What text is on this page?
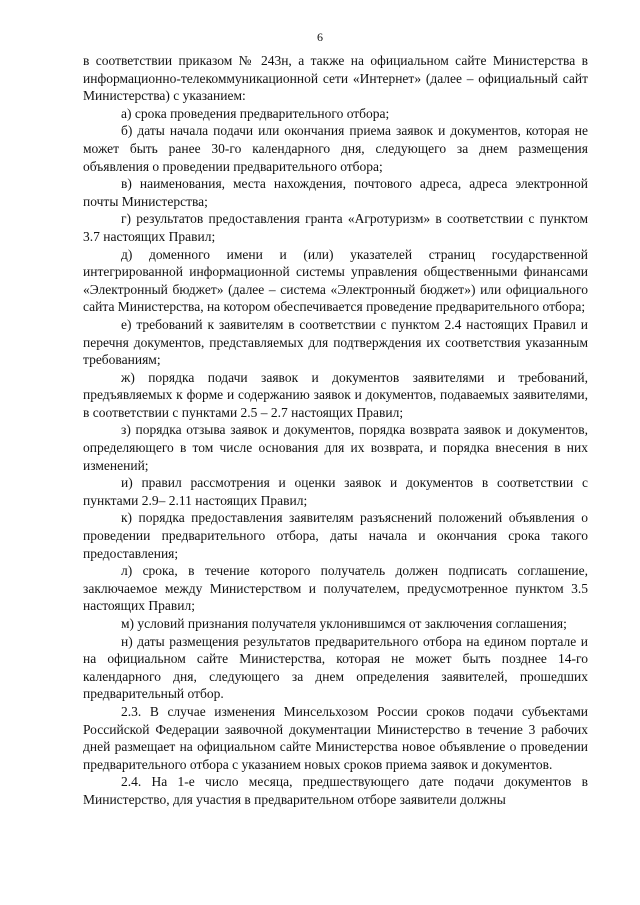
6

в соответствии приказом № 243н, а также на официальном сайте Министерства в информационно-телекоммуникационной сети «Интернет» (далее – официальный сайт Министерства) с указанием:

а) срока проведения предварительного отбора;

б) даты начала подачи или окончания приема заявок и документов, которая не может быть ранее 30-го календарного дня, следующего за днем размещения объявления о проведении предварительного отбора;

в) наименования, места нахождения, почтового адреса, адреса электронной почты Министерства;

г) результатов предоставления гранта «Агротуризм» в соответствии с пунктом 3.7 настоящих Правил;

д) доменного имени и (или) указателей страниц государственной интегрированной информационной системы управления общественными финансами «Электронный бюджет» (далее – система «Электронный бюджет») или официального сайта Министерства, на котором обеспечивается проведение предварительного отбора;

е) требований к заявителям в соответствии с пунктом 2.4 настоящих Правил и перечня документов, представляемых для подтверждения их соответствия указанным требованиям;

ж) порядка подачи заявок и документов заявителями и требований, предъявляемых к форме и содержанию заявок и документов, подаваемых заявителями, в соответствии с пунктами 2.5 – 2.7 настоящих Правил;

з) порядка отзыва заявок и документов, порядка возврата заявок и документов, определяющего в том числе основания для их возврата, и порядка внесения в них изменений;

и) правил рассмотрения и оценки заявок и документов в соответствии с пунктами 2.9– 2.11 настоящих Правил;

к) порядка предоставления заявителям разъяснений положений объявления о проведении предварительного отбора, даты начала и окончания срока такого предоставления;

л) срока, в течение которого получатель должен подписать соглашение, заключаемое между Министерством и получателем, предусмотренное пунктом 3.5 настоящих Правил;

м) условий признания получателя уклонившимся от заключения соглашения;

н) даты размещения результатов предварительного отбора на едином портале и на официальном сайте Министерства, которая не может быть позднее 14-го календарного дня, следующего за днем определения заявителей, прошедших предварительный отбор.

2.3. В случае изменения Минсельхозом России сроков подачи субъектами Российской Федерации заявочной документации Министерство в течение 3 рабочих дней размещает на официальном сайте Министерства новое объявление о проведении предварительного отбора с указанием новых сроков приема заявок и документов.

2.4. На 1-е число месяца, предшествующего дате подачи документов в Министерство, для участия в предварительном отборе заявители должны
